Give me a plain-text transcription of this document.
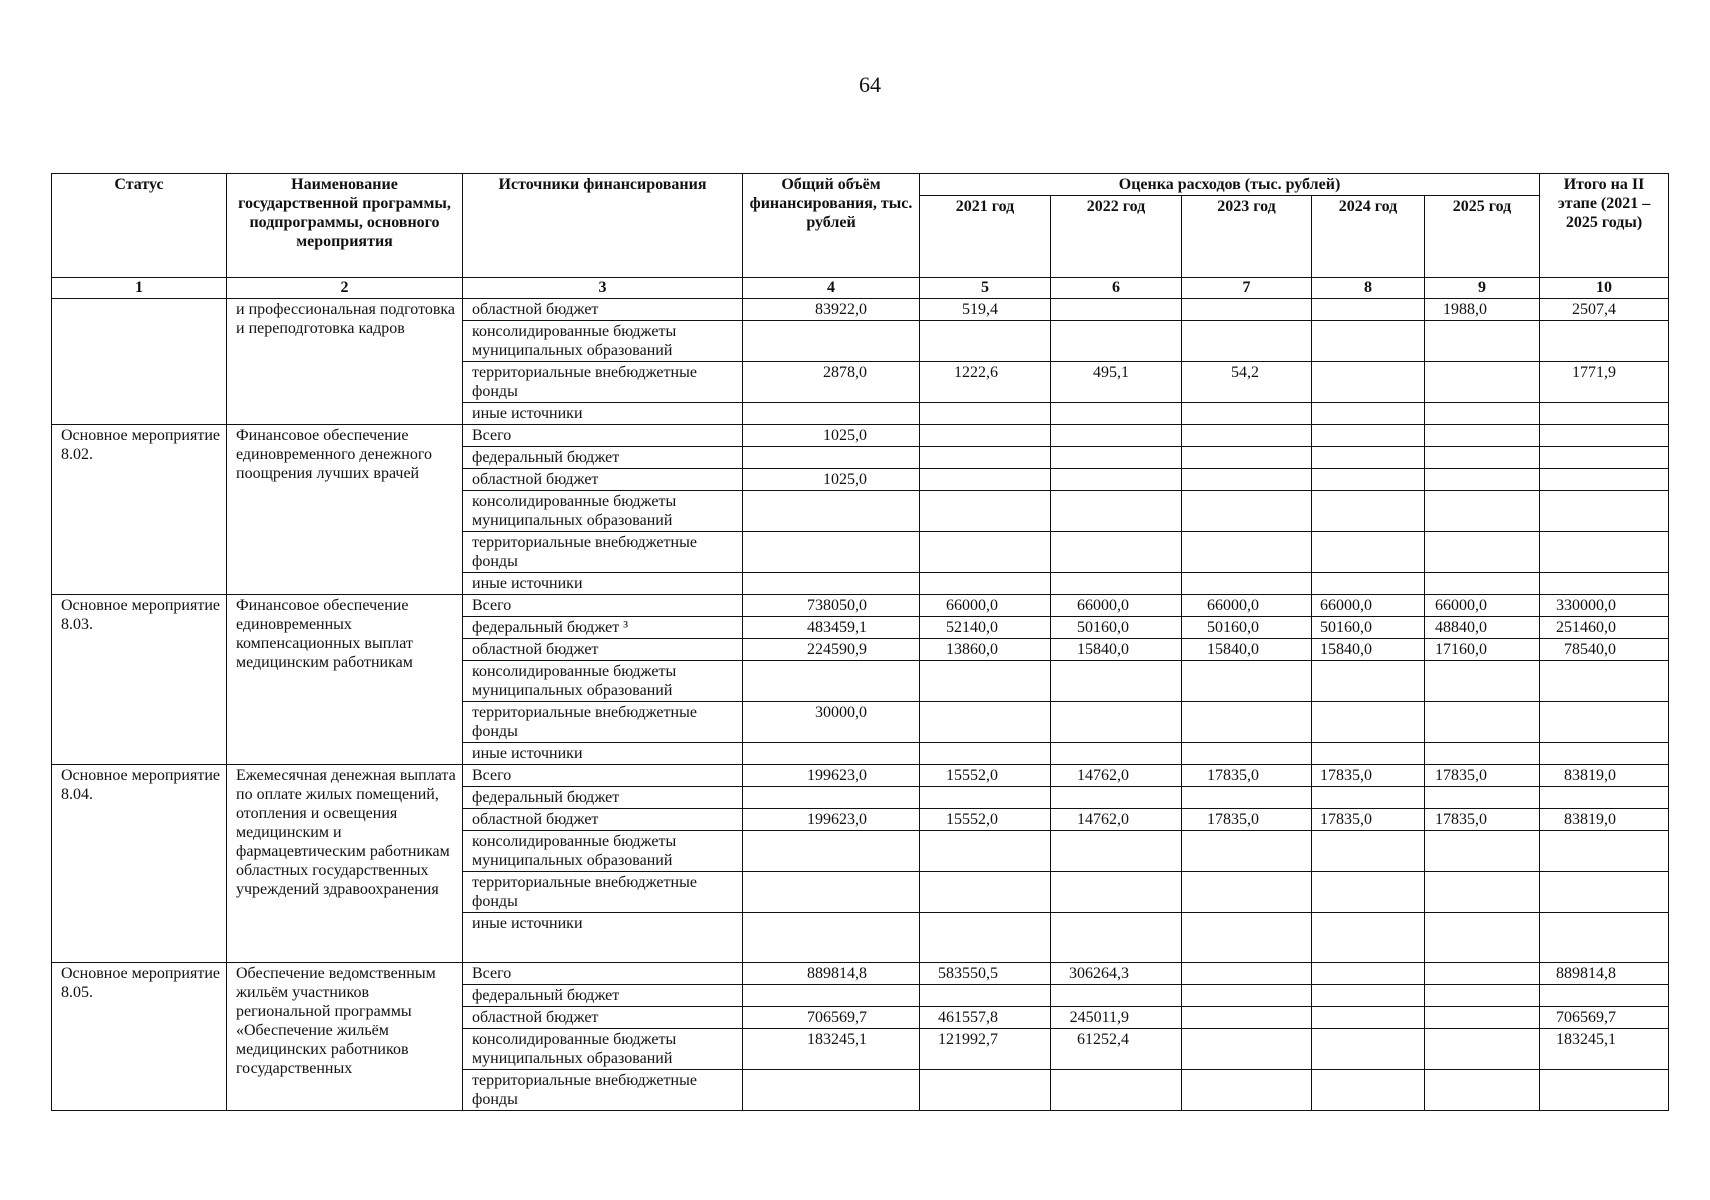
64
Статус	Наименование государственной программы, подпрограммы, основного мероприятия	Источники финансирования	Общий объём финансирования, тыс. рублей	Оценка расходов (тыс. рублей)					Итого на II этапе (2021 – 2025 годы)
				2021 год	2022 год	2023 год	2024 год	2025 год	
1	2	3	4	5	6	7	8	9	10
	и профессиональная подготовка и переподготовка кадров	областной бюджет	83922,0	519,4				1988,0	2507,4
		консолидированные бюджеты муниципальных образований							
		территориальные внебюджетные фонды	2878,0	1222,6	495,1	54,2			1771,9
		иные источники							
Основное мероприятие 8.02.	Финансовое обеспечение единовременного денежного поощрения лучших врачей	Всего	1025,0						
		федеральный бюджет							
		областной бюджет	1025,0						
		консолидированные бюджеты муниципальных образований							
		территориальные внебюджетные фонды							
		иные источники							
Основное мероприятие 8.03.	Финансовое обеспечение единовременных компенсационных выплат медицинским работникам	Всего	738050,0	66000,0	66000,0	66000,0	66000,0	66000,0	330000,0
		федеральный бюджет ³	483459,1	52140,0	50160,0	50160,0	50160,0	48840,0	251460,0
		областной бюджет	224590,9	13860,0	15840,0	15840,0	15840,0	17160,0	78540,0
		консолидированные бюджеты муниципальных образований							
		территориальные внебюджетные фонды	30000,0						
		иные источники							
Основное мероприятие 8.04.	Ежемесячная денежная выплата по оплате жилых помещений, отопления и освещения медицинским и фармацевтическим работникам областных государственных учреждений здравоохранения	Всего	199623,0	15552,0	14762,0	17835,0	17835,0	17835,0	83819,0
		федеральный бюджет							
		областной бюджет	199623,0	15552,0	14762,0	17835,0	17835,0	17835,0	83819,0
		консолидированные бюджеты муниципальных образований							
		территориальные внебюджетные фонды							
		иные источники							
Основное мероприятие 8.05.	Обеспечение ведомственным жильём участников региональной программы «Обеспечение жильём медицинских работников государственных	Всего	889814,8	583550,5	306264,3				889814,8
		федеральный бюджет							
		областной бюджет	706569,7	461557,8	245011,9				706569,7
		консолидированные бюджеты муниципальных образований	183245,1	121992,7	61252,4				183245,1
		территориальные внебюджетные фонды							
